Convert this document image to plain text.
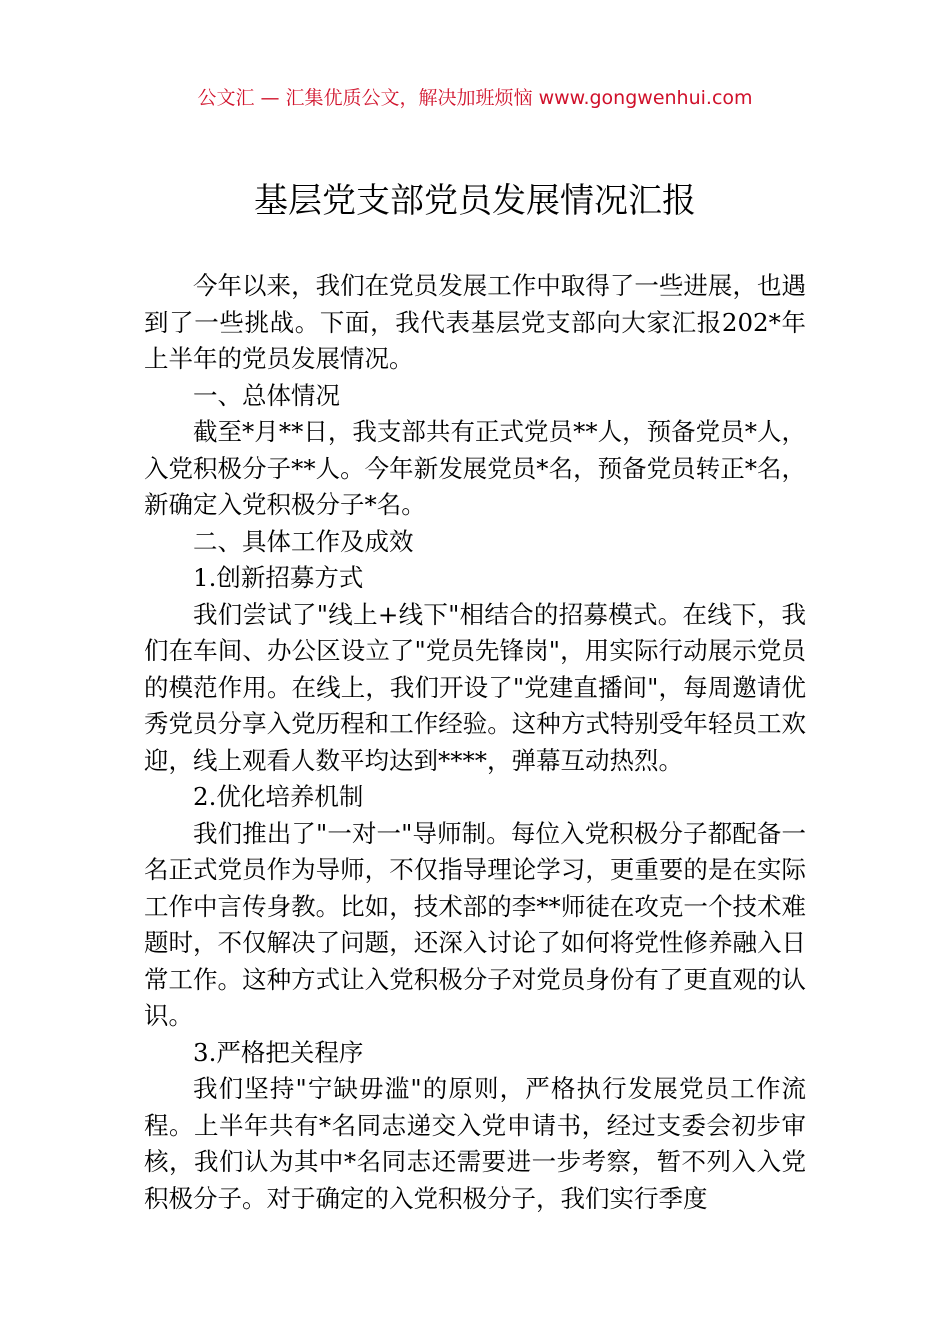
公文汇 — 汇集优质公文，解决加班烦恼 www.gongwenhui.com
基层党支部党员发展情况汇报

今年以来，我们在党员发展工作中取得了一些进展，也遇到了一些挑战。下面，我代表基层党支部向大家汇报202*年上半年的党员发展情况。

一、总体情况

截至*月**日，我支部共有正式党员**人，预备党员*人，入党积极分子**人。今年新发展党员*名，预备党员转正*名，新确定入党积极分子*名。

二、具体工作及成效

1.创新招募方式

我们尝试了"线上+线下"相结合的招募模式。在线下，我们在车间、办公区设立了"党员先锋岗"，用实际行动展示党员的模范作用。在线上，我们开设了"党建直播间"，每周邀请优秀党员分享入党历程和工作经验。这种方式特别受年轻员工欢迎，线上观看人数平均达到****，弹幕互动热烈。

2.优化培养机制

我们推出了"一对一"导师制。每位入党积极分子都配备一名正式党员作为导师，不仅指导理论学习，更重要的是在实际工作中言传身教。比如，技术部的李**师徒在攻克一个技术难题时，不仅解决了问题，还深入讨论了如何将党性修养融入日常工作。这种方式让入党积极分子对党员身份有了更直观的认识。

3.严格把关程序

我们坚持"宁缺毋滥"的原则，严格执行发展党员工作流程。上半年共有*名同志递交入党申请书，经过支委会初步审核，我们认为其中*名同志还需要进一步考察，暂不列入入党积极分子。对于确定的入党积极分子，我们实行季度
